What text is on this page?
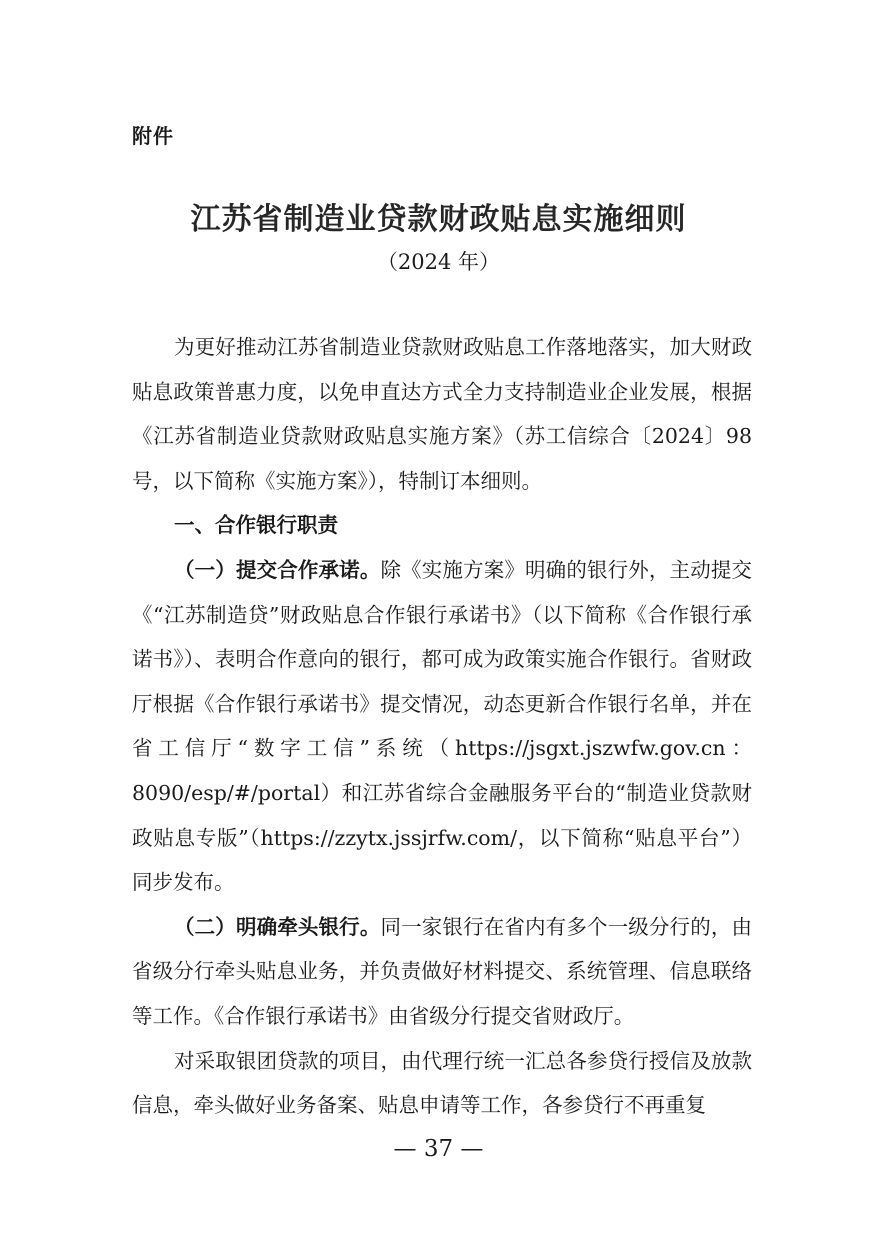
附件
江苏省制造业贷款财政贴息实施细则
（2024 年）

为更好推动江苏省制造业贷款财政贴息工作落地落实，加大财政贴息政策普惠力度，以免申直达方式全力支持制造业企业发展，根据《江苏省制造业贷款财政贴息实施方案》（苏工信综合〔2024〕98 号，以下简称《实施方案》），特制订本细则。

一、合作银行职责

（一）提交合作承诺。除《实施方案》明确的银行外，主动提交《“江苏制造贷”财政贴息合作银行承诺书》（以下简称《合作银行承诺书》）、表明合作意向的银行，都可成为政策实施合作银行。省财政厅根据《合作银行承诺书》提交情况，动态更新合作银行名单，并在省工信厅“数字工信”系统（https://jsgxt.jszwfw.gov.cn：8090/esp/#/portal）和江苏省综合金融服务平台的“制造业贷款财政贴息专版”（https://zzytx.jssjrfw.com/，以下简称“贴息平台”）同步发布。

（二）明确牵头银行。同一家银行在省内有多个一级分行的，由省级分行牵头贴息业务，并负责做好材料提交、系统管理、信息联络等工作。《合作银行承诺书》由省级分行提交省财政厅。

对采取银团贷款的项目，由代理行统一汇总各参贷行授信及放款信息，牵头做好业务备案、贴息申请等工作，各参贷行不再重复

— 37 —
